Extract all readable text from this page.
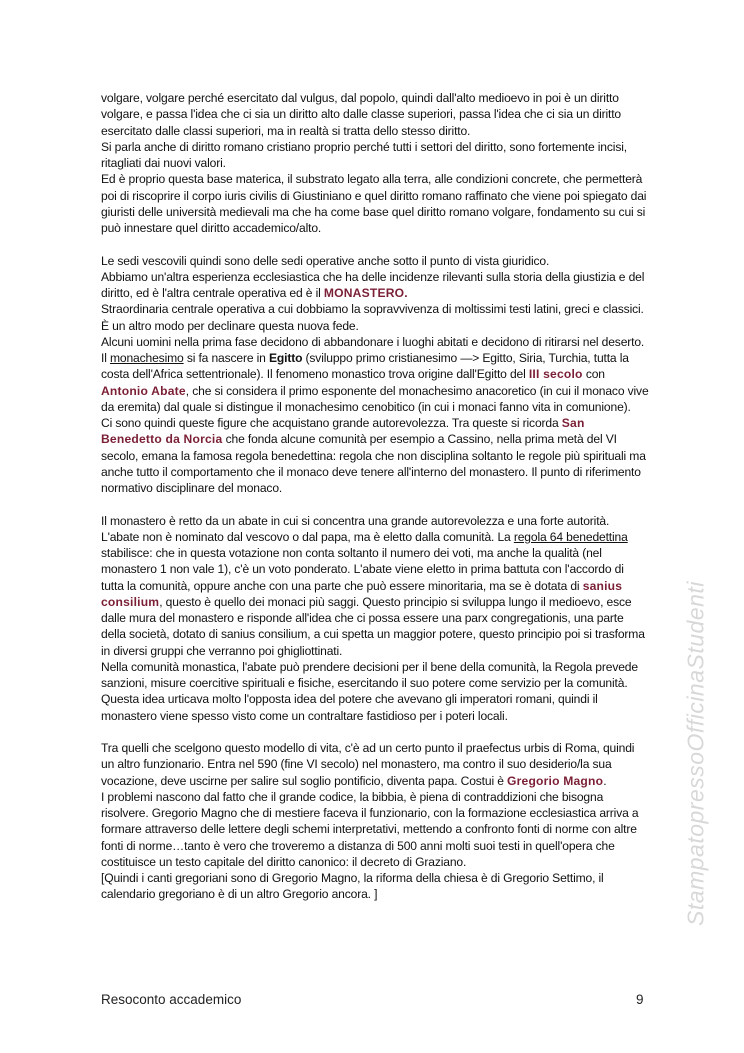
volgare, volgare perché esercitato dal vulgus, dal popolo, quindi dall'alto medioevo in poi è un diritto volgare, e passa l'idea che ci sia un diritto alto dalle classe superiori, passa l'idea che ci sia un diritto esercitato dalle classi superiori, ma in realtà si tratta dello stesso diritto.

Si parla anche di diritto romano cristiano proprio perché tutti i settori del diritto, sono fortemente incisi, ritagliati dai nuovi valori.

Ed è proprio questa base materica, il substrato legato alla terra, alle condizioni concrete, che permetterà poi di riscoprire il corpo iuris civilis di Giustiniano e quel diritto romano raffinato che viene poi spiegato dai giuristi delle università medievali ma che ha come base quel diritto romano volgare, fondamento su cui si può innestare quel diritto accademico/alto.

Le sedi vescovili quindi sono delle sedi operative anche sotto il punto di vista giuridico.

Abbiamo un'altra esperienza ecclesiastica che ha delle incidenze rilevanti sulla storia della giustizia e del diritto, ed è l'altra centrale operativa ed è il MONASTERO.

Straordinaria centrale operativa a cui dobbiamo la sopravvivenza di moltissimi testi latini, greci e classici. È un altro modo per declinare questa nuova fede.

Alcuni uomini nella prima fase decidono di abbandonare i luoghi abitati e decidono di ritirarsi nel deserto. Il monachesimo si fa nascere in Egitto (sviluppo primo cristianesimo —> Egitto, Siria, Turchia, tutta la costa dell'Africa settentrionale). Il fenomeno monastico trova origine dall'Egitto del III secolo con Antonio Abate, che si considera il primo esponente del monachesimo anacoretico (in cui il monaco vive da eremita) dal quale si distingue il monachesimo cenobitico (in cui i monaci fanno vita in comunione).

Ci sono quindi queste figure che acquistano grande autorevolezza. Tra queste si ricorda San Benedetto da Norcia che fonda alcune comunità per esempio a Cassino, nella prima metà del VI secolo, emana la famosa regola benedettina: regola che non disciplina soltanto le regole più spirituali ma anche tutto il comportamento che il monaco deve tenere all'interno del monastero. Il punto di riferimento normativo disciplinare del monaco.

Il monastero è retto da un abate in cui si concentra una grande autorevolezza e una forte autorità. L'abate non è nominato dal vescovo o dal papa, ma è eletto dalla comunità. La regola 64 benedettina stabilisce: che in questa votazione non conta soltanto il numero dei voti, ma anche la qualità (nel monastero 1 non vale 1), c'è un voto ponderato. L'abate viene eletto in prima battuta con l'accordo di tutta la comunità, oppure anche con una parte che può essere minoritaria, ma se è dotata di sanius consilium, questo è quello dei monaci più saggi. Questo principio si sviluppa lungo il medioevo, esce dalle mura del monastero e risponde all'idea che ci possa essere una parx congregationis, una parte della società, dotato di sanius consilium, a cui spetta un maggior potere, questo principio poi si trasforma in diversi gruppi che verranno poi ghigliottinati.

Nella comunità monastica, l'abate può prendere decisioni per il bene della comunità, la Regola prevede sanzioni, misure coercitive spirituali e fisiche, esercitando il suo potere come servizio per la comunità. Questa idea urticava molto l'opposta idea del potere che avevano gli imperatori romani, quindi il monastero viene spesso visto come un contraltare fastidioso per i poteri locali.

Tra quelli che scelgono questo modello di vita, c'è ad un certo punto il praefectus urbis di Roma, quindi un altro funzionario. Entra nel 590 (fine VI secolo) nel monastero, ma contro il suo desiderio/la sua vocazione, deve uscirne per salire sul soglio pontificio, diventa papa. Costui è Gregorio Magno.

I problemi nascono dal fatto che il grande codice, la bibbia, è piena di contraddizioni che bisogna risolvere. Gregorio Magno che di mestiere faceva il funzionario, con la formazione ecclesiastica arriva a formare attraverso delle lettere degli schemi interpretativi, mettendo a confronto fonti di norme con altre fonti di norme…tanto è vero che troveremo a distanza di 500 anni molti suoi testi in quell'opera che costituisce un testo capitale del diritto canonico: il decreto di Graziano.

[Quindi i canti gregoriani sono di Gregorio Magno, la riforma della chiesa è di Gregorio Settimo, il calendario gregoriano è di un altro Gregorio ancora. ]	StampatopressoOfficinaStudenti
Resoconto accademico	9
